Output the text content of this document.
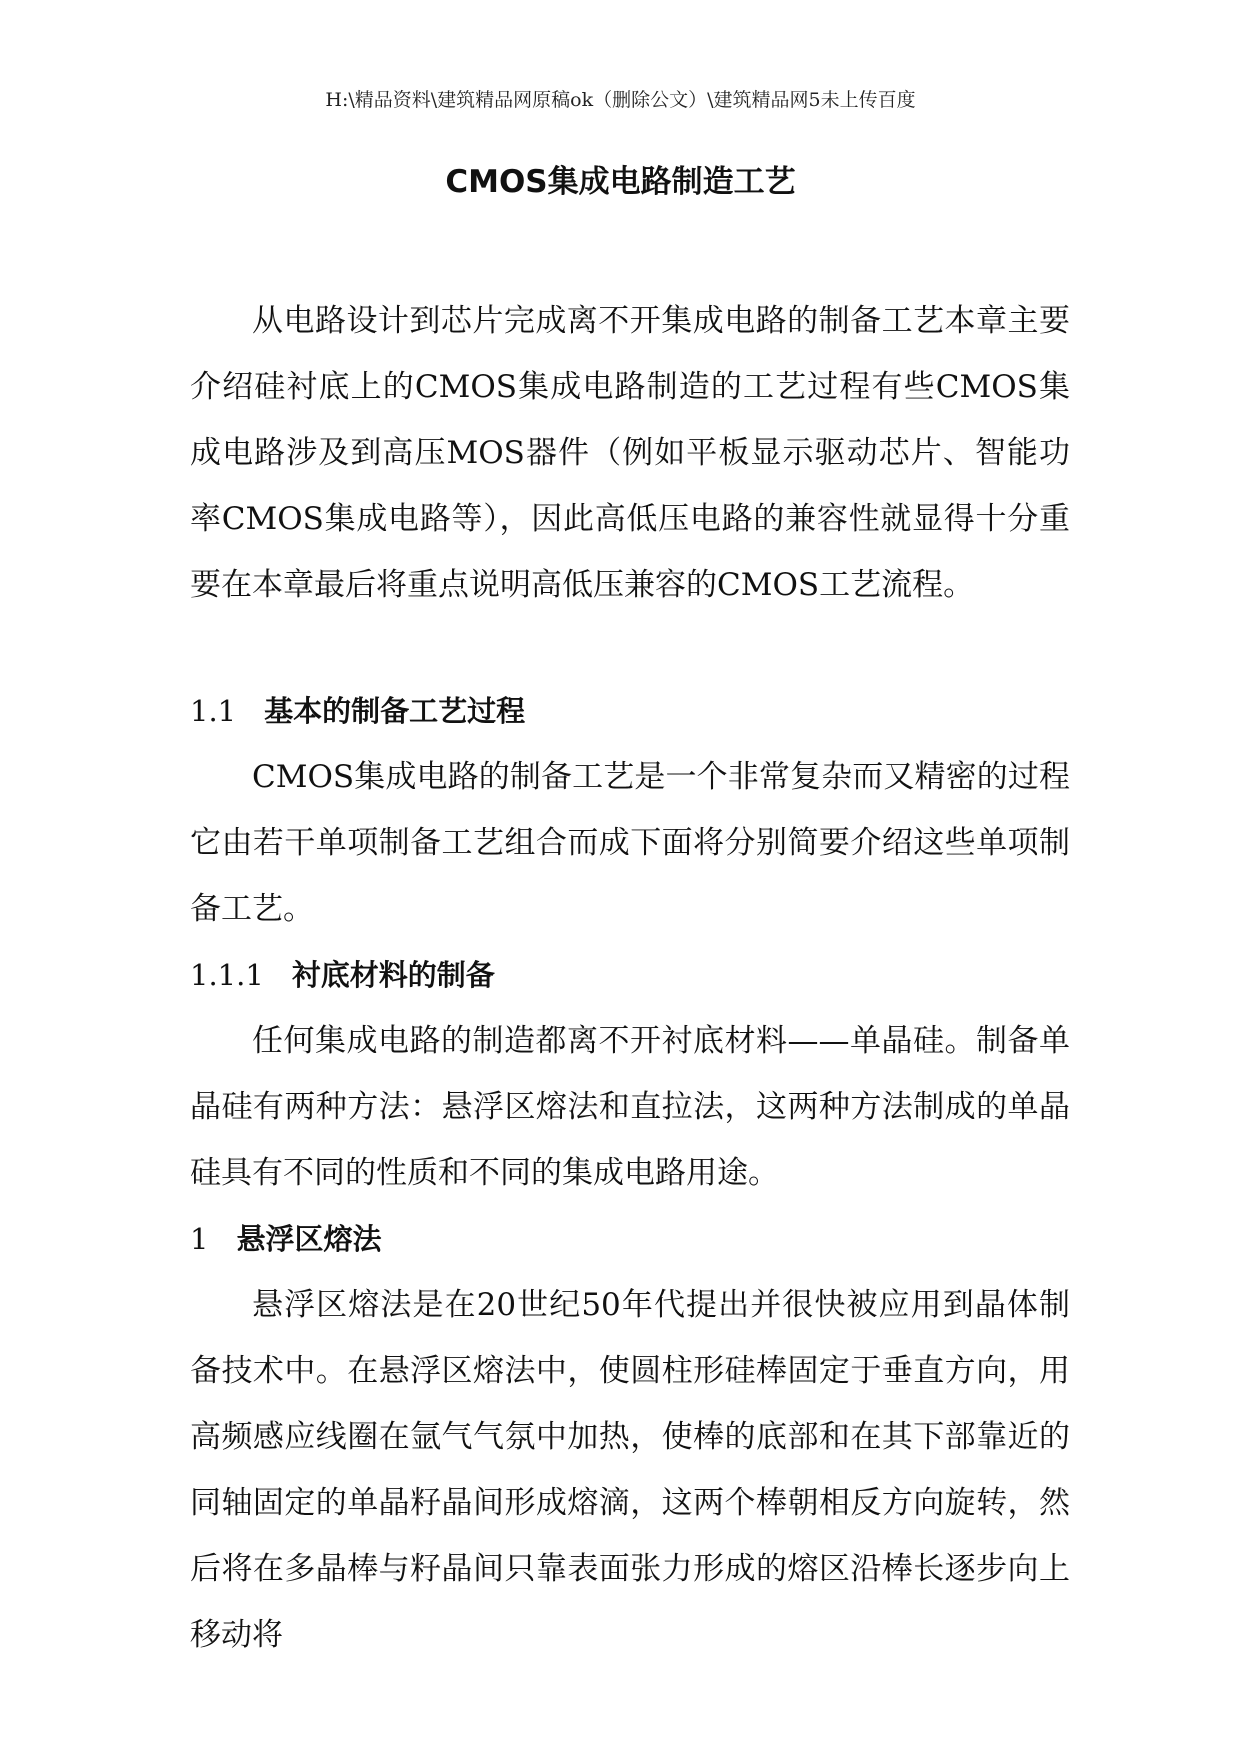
H:\精品资料\建筑精品网原稿ok（删除公文）\建筑精品网5未上传百度
CMOS集成电路制造工艺

从电路设计到芯片完成离不开集成电路的制备工艺本章主要介绍硅衬底上的CMOS集成电路制造的工艺过程有些CMOS集成电路涉及到高压MOS器件（例如平板显示驱动芯片、智能功率CMOS集成电路等），因此高低压电路的兼容性就显得十分重要在本章最后将重点说明高低压兼容的CMOS工艺流程。

1.1 基本的制备工艺过程

CMOS集成电路的制备工艺是一个非常复杂而又精密的过程它由若干单项制备工艺组合而成下面将分别简要介绍这些单项制备工艺。

1.1.1 衬底材料的制备

任何集成电路的制造都离不开衬底材料——单晶硅。制备单晶硅有两种方法：悬浮区熔法和直拉法，这两种方法制成的单晶硅具有不同的性质和不同的集成电路用途。

1 悬浮区熔法

悬浮区熔法是在20世纪50年代提出并很快被应用到晶体制备技术中。在悬浮区熔法中，使圆柱形硅棒固定于垂直方向，用高频感应线圈在氩气气氛中加热，使棒的底部和在其下部靠近的同轴固定的单晶籽晶间形成熔滴，这两个棒朝相反方向旋转，然后将在多晶棒与籽晶间只靠表面张力形成的熔区沿棒长逐步向上移动将
